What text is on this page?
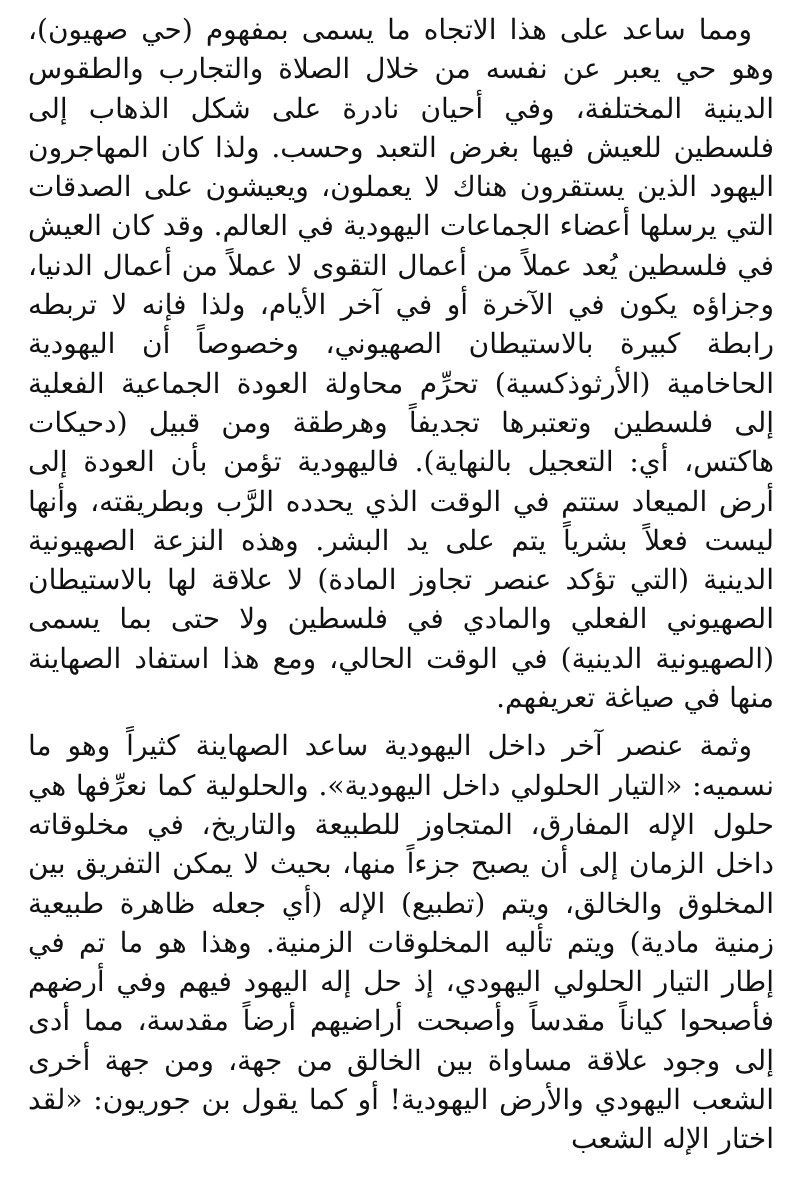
ومما ساعد على هذا الاتجاه ما يسمى بمفهوم (حي صهيون)، وهو حي يعبر عن نفسه من خلال الصلاة والتجارب والطقوس الدينية المختلفة، وفي أحيان نادرة على شكل الذهاب إلى فلسطين للعيش فيها بغرض التعبد وحسب. ولذا كان المهاجرون اليهود الذين يستقرون هناك لا يعملون، ويعيشون على الصدقات التي يرسلها أعضاء الجماعات اليهودية في العالم. وقد كان العيش في فلسطين يُعد عملاً من أعمال التقوى لا عملاً من أعمال الدنيا، وجزاؤه يكون في الآخرة أو في آخر الأيام، ولذا فإنه لا تربطه رابطة كبيرة بالاستيطان الصهيوني، وخصوصاً أن اليهودية الحاخامية (الأرثوذكسية) تحرِّم محاولة العودة الجماعية الفعلية إلى فلسطين وتعتبرها تجديفاً وهرطقة ومن قبيل (دحيكات هاكتس، أي: التعجيل بالنهاية). فاليهودية تؤمن بأن العودة إلى أرض الميعاد ستتم في الوقت الذي يحدده الرَّب وبطريقته، وأنها ليست فعلاً بشرياً يتم على يد البشر. وهذه النزعة الصهيونية الدينية (التي تؤكد عنصر تجاوز المادة) لا علاقة لها بالاستيطان الصهيوني الفعلي والمادي في فلسطين ولا حتى بما يسمى (الصهيونية الدينية) في الوقت الحالي، ومع هذا استفاد الصهاينة منها في صياغة تعريفهم.

وثمة عنصر آخر داخل اليهودية ساعد الصهاينة كثيراً وهو ما نسميه: «التيار الحلولي داخل اليهودية». والحلولية كما نعرِّفها هي حلول الإله المفارق، المتجاوز للطبيعة والتاريخ، في مخلوقاته داخل الزمان إلى أن يصبح جزءاً منها، بحيث لا يمكن التفريق بين المخلوق والخالق، ويتم (تطبيع) الإله (أي جعله ظاهرة طبيعية زمنية مادية) ويتم تأليه المخلوقات الزمنية. وهذا هو ما تم في إطار التيار الحلولي اليهودي، إذ حل إله اليهود فيهم وفي أرضهم فأصبحوا كياناً مقدساً وأصبحت أراضيهم أرضاً مقدسة، مما أدى إلى وجود علاقة مساواة بين الخالق من جهة، ومن جهة أخرى الشعب اليهودي والأرض اليهودية! أو كما يقول بن جوريون: «لقد اختار الإله الشعب
